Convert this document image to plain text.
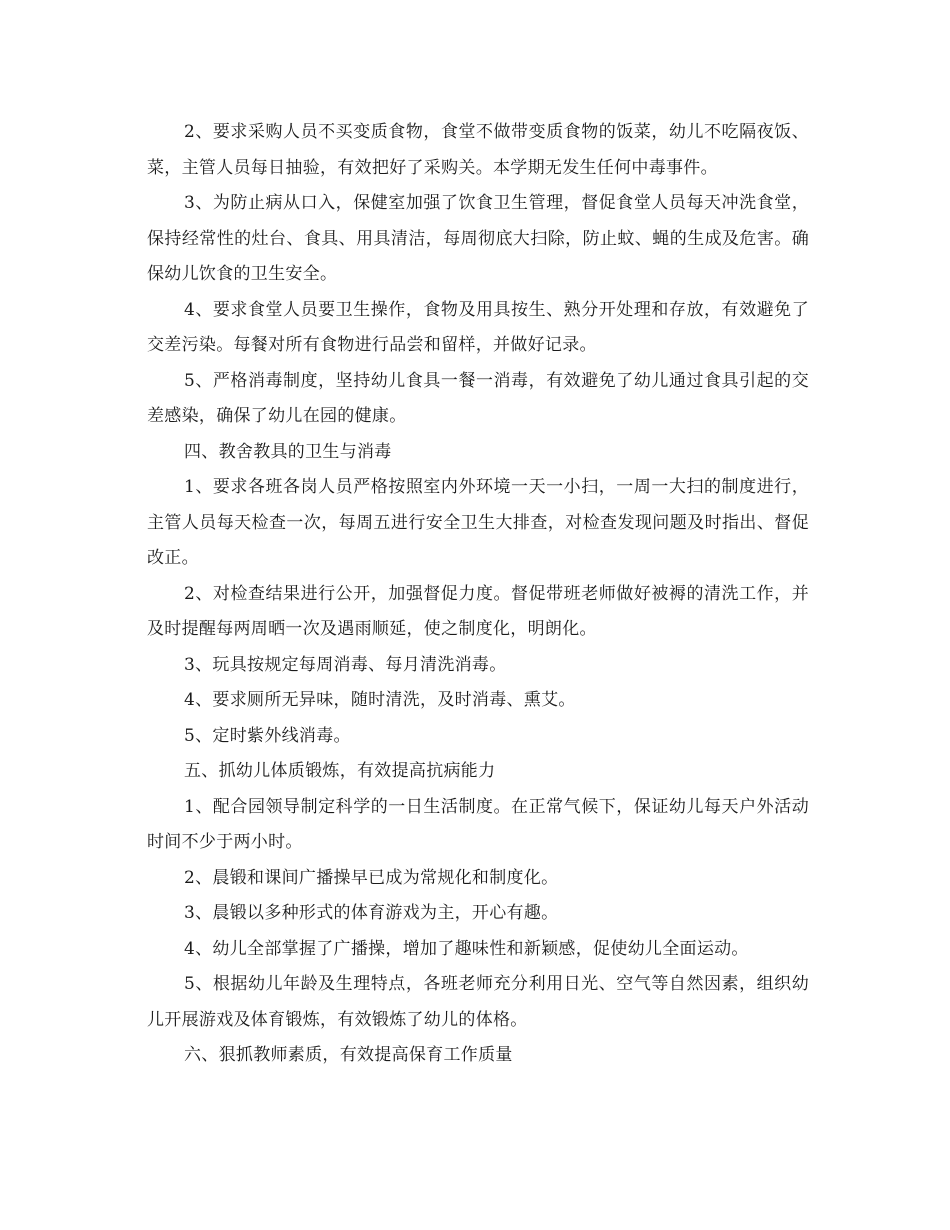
2、要求采购人员不买变质食物，食堂不做带变质食物的饭菜，幼儿不吃隔夜饭、菜，主管人员每日抽验，有效把好了采购关。本学期无发生任何中毒事件。

3、为防止病从口入，保健室加强了饮食卫生管理，督促食堂人员每天冲洗食堂，保持经常性的灶台、食具、用具清洁，每周彻底大扫除，防止蚊、蝇的生成及危害。确保幼儿饮食的卫生安全。

4、要求食堂人员要卫生操作，食物及用具按生、熟分开处理和存放，有效避免了交差污染。每餐对所有食物进行品尝和留样，并做好记录。

5、严格消毒制度，坚持幼儿食具一餐一消毒，有效避免了幼儿通过食具引起的交差感染，确保了幼儿在园的健康。

四、教舍教具的卫生与消毒

1、要求各班各岗人员严格按照室内外环境一天一小扫，一周一大扫的制度进行，主管人员每天检查一次，每周五进行安全卫生大排查，对检查发现问题及时指出、督促改正。

2、对检查结果进行公开，加强督促力度。督促带班老师做好被褥的清洗工作，并及时提醒每两周晒一次及遇雨顺延，使之制度化，明朗化。

3、玩具按规定每周消毒、每月清洗消毒。

4、要求厕所无异味，随时清洗，及时消毒、熏艾。

5、定时紫外线消毒。

五、抓幼儿体质锻炼，有效提高抗病能力

1、配合园领导制定科学的一日生活制度。在正常气候下，保证幼儿每天户外活动时间不少于两小时。

2、晨锻和课间广播操早已成为常规化和制度化。

3、晨锻以多种形式的体育游戏为主，开心有趣。

4、幼儿全部掌握了广播操，增加了趣味性和新颖感，促使幼儿全面运动。

5、根据幼儿年龄及生理特点，各班老师充分利用日光、空气等自然因素，组织幼儿开展游戏及体育锻炼，有效锻炼了幼儿的体格。

六、狠抓教师素质，有效提高保育工作质量
